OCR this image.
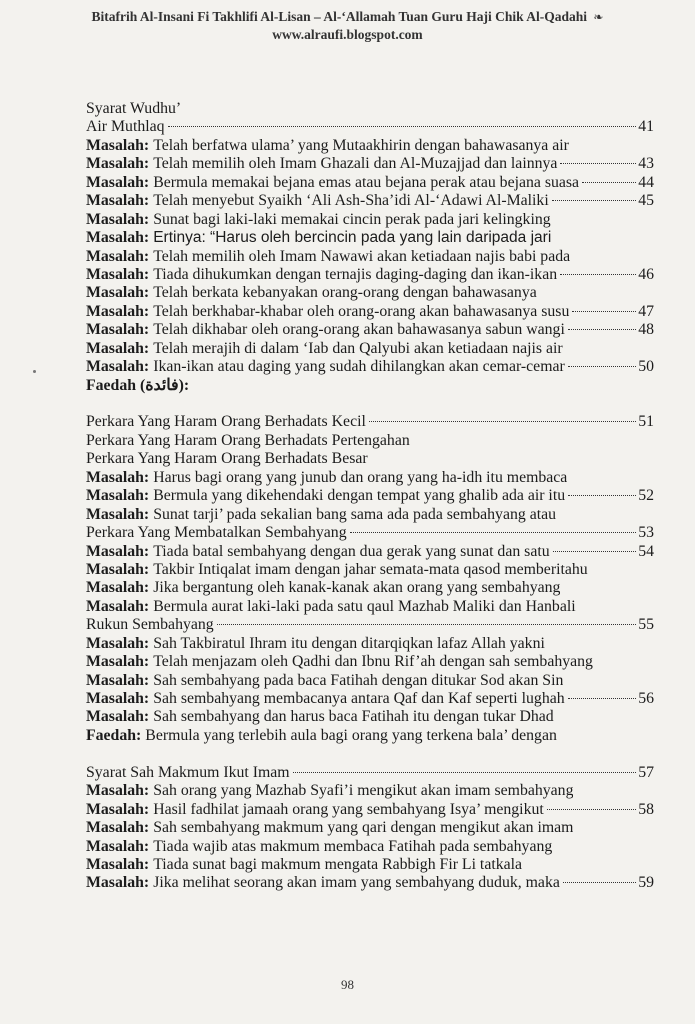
Bitafrih Al-Insani Fi Takhlifi Al-Lisan – Al-‘Allamah Tuan Guru Haji Chik Al-Qadahi ❧
www.alraufi.blogspot.com
Syarat Wudhu’
Air Muthlaq	41
Masalah: Telah berfatwa ulama’ yang Mutaakhirin dengan bahawasanya air
Masalah: Telah memilih oleh Imam Ghazali dan Al-Muzajjad dan lainnya	43
Masalah: Bermula memakai bejana emas atau bejana perak atau bejana suasa	44
Masalah: Telah menyebut Syaikh ‘Ali Ash-Sha’idi Al-‘Adawi Al-Maliki	45
Masalah: Sunat bagi laki-laki memakai cincin perak pada jari kelingking
Masalah: Ertinya: “Harus oleh bercincin pada yang lain daripada jari
Masalah: Telah memilih oleh Imam Nawawi akan ketiadaan najis babi pada
Masalah: Tiada dihukumkan dengan ternajis daging-daging dan ikan-ikan	46
Masalah: Telah berkata kebanyakan orang-orang dengan bahawasanya
Masalah: Telah berkhabar-khabar oleh orang-orang akan bahawasanya susu	47
Masalah: Telah dikhabar oleh orang-orang akan bahawasanya sabun wangi	48
Masalah: Telah merajih di dalam ‘Iab dan Qalyubi akan ketiadaan najis air
Masalah: Ikan-ikan atau daging yang sudah dihilangkan akan cemar-cemar	50
Faedah (فائدة):
Perkara Yang Haram Orang Berhadats Kecil	51
Perkara Yang Haram Orang Berhadats Pertengahan
Perkara Yang Haram Orang Berhadats Besar
Masalah: Harus bagi orang yang junub dan orang yang ha-idh itu membaca
Masalah: Bermula yang dikehendaki dengan tempat yang ghalib ada air itu	52
Masalah: Sunat tarji’ pada sekalian bang sama ada pada sembahyang atau
Perkara Yang Membatalkan Sembahyang	53
Masalah: Tiada batal sembahyang dengan dua gerak yang sunat dan satu	54
Masalah: Takbir Intiqalat imam dengan jahar semata-mata qasod memberitahu
Masalah: Jika bergantung oleh kanak-kanak akan orang yang sembahyang
Masalah: Bermula aurat laki-laki pada satu qaul Mazhab Maliki dan Hanbali
Rukun Sembahyang	55
Masalah: Sah Takbiratul Ihram itu dengan ditarqiqkan lafaz Allah yakni
Masalah: Telah menjazam oleh Qadhi dan Ibnu Rif’ah dengan sah sembahyang
Masalah: Sah sembahyang pada baca Fatihah dengan ditukar Sod akan Sin
Masalah: Sah sembahyang membacanya antara Qaf dan Kaf seperti lughah	56
Masalah: Sah sembahyang dan harus baca Fatihah itu dengan tukar Dhad
Faedah: Bermula yang terlebih aula bagi orang yang terkena bala’ dengan
Syarat Sah Makmum Ikut Imam	57
Masalah: Sah orang yang Mazhab Syafi’i mengikut akan imam sembahyang
Masalah: Hasil fadhilat jamaah orang yang sembahyang Isya’ mengikut	58
Masalah: Sah sembahyang makmum yang qari dengan mengikut akan imam
Masalah: Tiada wajib atas makmum membaca Fatihah pada sembahyang
Masalah: Tiada sunat bagi makmum mengata Rabbigh Fir Li tatkala
Masalah: Jika melihat seorang akan imam yang sembahyang duduk, maka	59
98
